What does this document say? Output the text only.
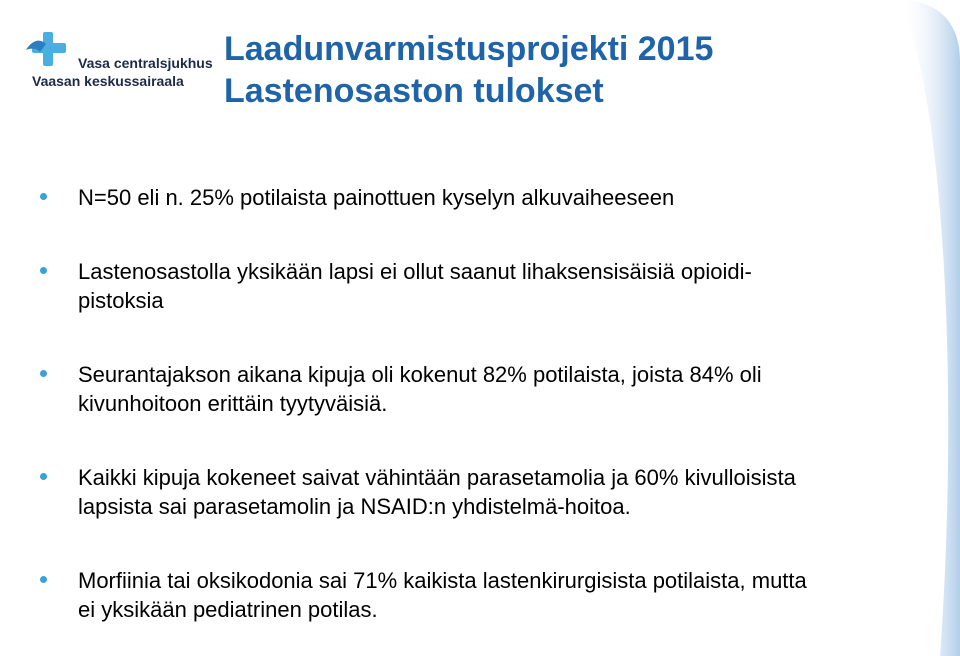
Vasa centralsjukhus
Vaasan keskussairaala
Laadunvarmistusprojekti 2015
Lastenosaston tulokset
N=50 eli n. 25% potilaista painottuen kyselyn alkuvaiheeseen
Lastenosastolla yksikään lapsi ei ollut saanut lihaksensisäisiä opioidi-
pistoksia
Seurantajakson aikana kipuja oli kokenut 82% potilaista, joista 84% oli
kivunhoitoon erittäin tyytyväisiä.
Kaikki kipuja kokeneet saivat vähintään parasetamolia ja 60% kivulloisista
lapsista sai parasetamolin ja NSAID:n yhdistelmä-hoitoa.
Morfiinia tai oksikodonia sai 71% kaikista lastenkirurgisista potilaista, mutta
ei yksikään pediatrinen potilas.
